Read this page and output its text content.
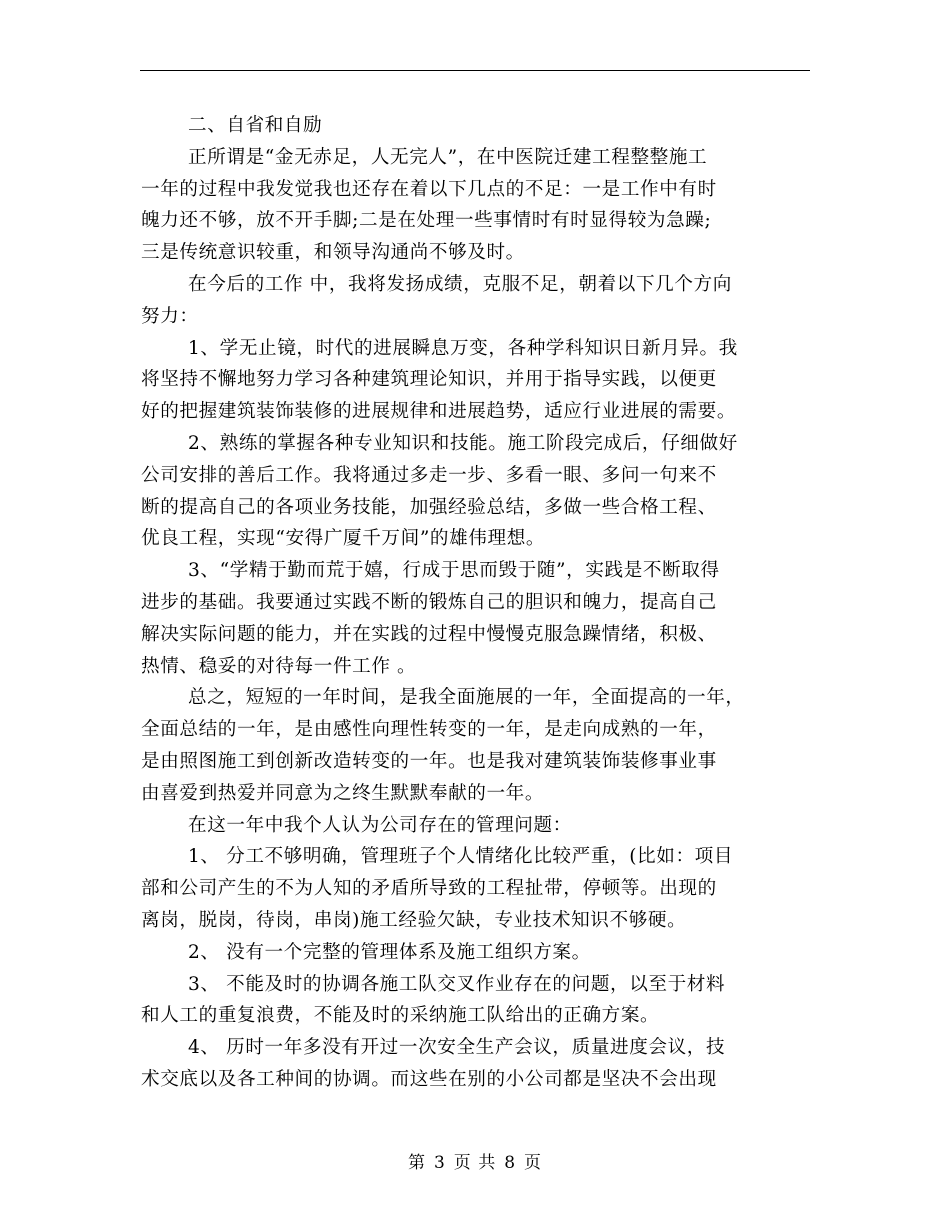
二、自省和自励
正所谓是“金无赤足，人无完人”，在中医院迁建工程整整施工
一年的过程中我发觉我也还存在着以下几点的不足：一是工作中有时
魄力还不够，放不开手脚;二是在处理一些事情时有时显得较为急躁;
三是传统意识较重，和领导沟通尚不够及时。
在今后的工作 中，我将发扬成绩，克服不足，朝着以下几个方向
努力：
1、学无止镜，时代的进展瞬息万变，各种学科知识日新月异。我
将坚持不懈地努力学习各种建筑理论知识，并用于指导实践，以便更
好的把握建筑装饰装修的进展规律和进展趋势，适应行业进展的需要。
2、熟练的掌握各种专业知识和技能。施工阶段完成后，仔细做好
公司安排的善后工作。我将通过多走一步、多看一眼、多问一句来不
断的提高自己的各项业务技能，加强经验总结，多做一些合格工程、
优良工程，实现“安得广厦千万间”的雄伟理想。
3、“学精于勤而荒于嬉，行成于思而毁于随”，实践是不断取得
进步的基础。我要通过实践不断的锻炼自己的胆识和魄力，提高自己
解决实际问题的能力，并在实践的过程中慢慢克服急躁情绪，积极、
热情、稳妥的对待每一件工作 。
总之，短短的一年时间，是我全面施展的一年，全面提高的一年，
全面总结的一年，是由感性向理性转变的一年，是走向成熟的一年，
是由照图施工到创新改造转变的一年。也是我对建筑装饰装修事业事
由喜爱到热爱并同意为之终生默默奉献的一年。
在这一年中我个人认为公司存在的管理问题：
1、 分工不够明确，管理班子个人情绪化比较严重，(比如：项目
部和公司产生的不为人知的矛盾所导致的工程扯带，停顿等。出现的
离岗，脱岗，待岗，串岗)施工经验欠缺，专业技术知识不够硬。
2、 没有一个完整的管理体系及施工组织方案。
3、 不能及时的协调各施工队交叉作业存在的问题，以至于材料
和人工的重复浪费，不能及时的采纳施工队给出的正确方案。
4、 历时一年多没有开过一次安全生产会议，质量进度会议，技
术交底以及各工种间的协调。而这些在别的小公司都是坚决不会出现
第 3 页 共 8 页
